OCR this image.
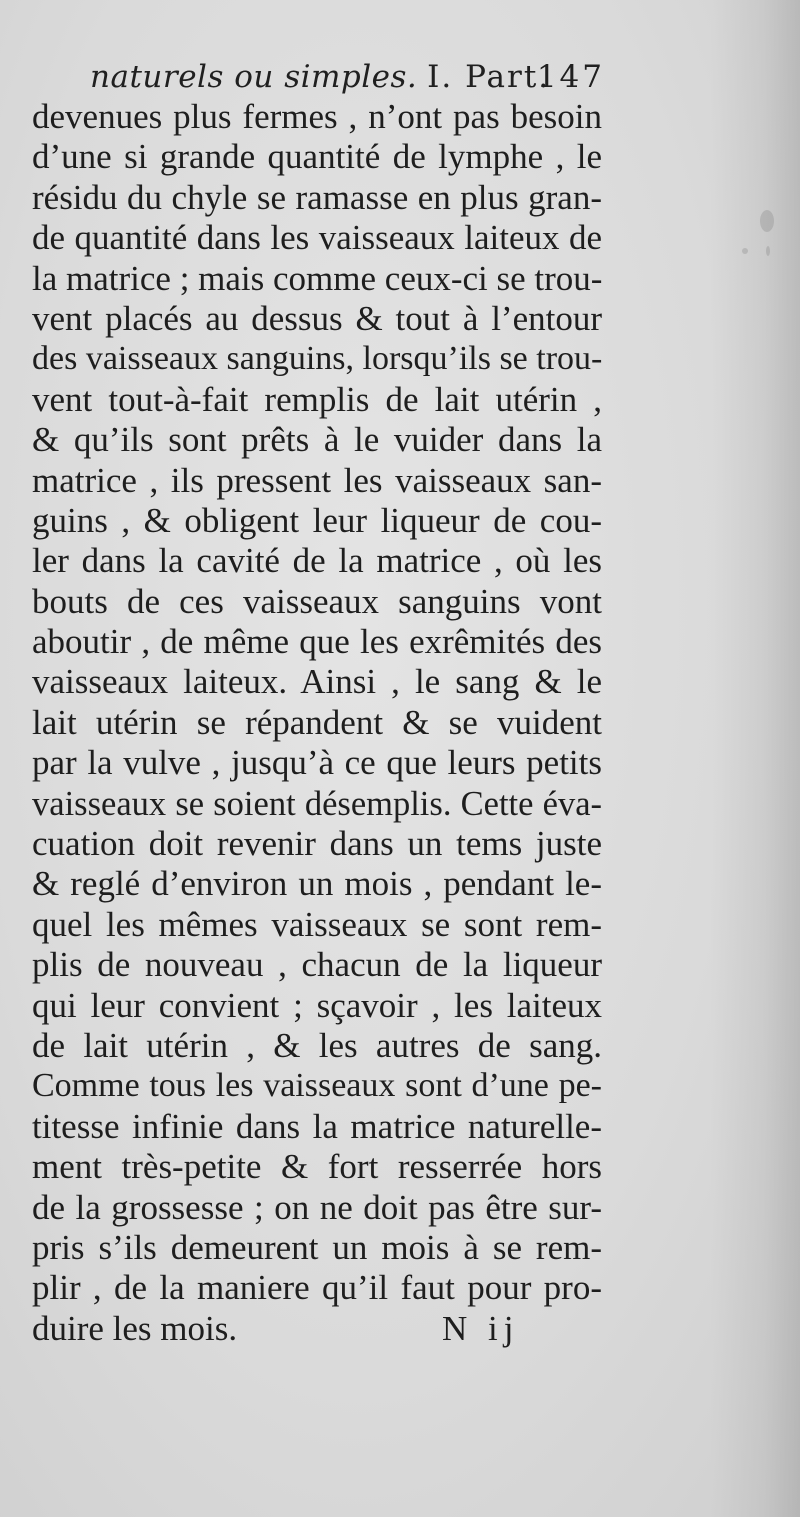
naturels ou simples. I. Part.
147
devenues plus fermes , n’ont pas besoin
d’une si grande quantité de lymphe , le
résidu du chyle se ramasse en plus gran-
de quantité dans les vaisseaux laiteux de
la matrice ; mais comme ceux-ci se trou-
vent placés au dessus & tout à l’entour
des vaisseaux sanguins, lorsqu’ils se trou-
vent tout-à-fait remplis de lait utérin ,
& qu’ils sont prêts à le vuider dans la
matrice , ils pressent les vaisseaux san-
guins , & obligent leur liqueur de cou-
ler dans la cavité de la matrice , où les
bouts de ces vaisseaux sanguins vont
aboutir , de même que les exrêmités des
vaisseaux laiteux. Ainsi , le sang & le
lait utérin se répandent & se vuident
par la vulve , jusqu’à ce que leurs petits
vaisseaux se soient désemplis. Cette éva-
cuation doit revenir dans un tems juste
& reglé d’environ un mois , pendant le-
quel les mêmes vaisseaux se sont rem-
plis de nouveau , chacun de la liqueur
qui leur convient ; sçavoir , les laiteux
de lait utérin , & les autres de sang.
Comme tous les vaisseaux sont d’une pe-
titesse infinie dans la matrice naturelle-
ment très-petite & fort resserrée hors
de la grossesse ; on ne doit pas être sur-
pris s’ils demeurent un mois à se rem-
plir , de la maniere qu’il faut pour pro-
duire les mois.	N ij
